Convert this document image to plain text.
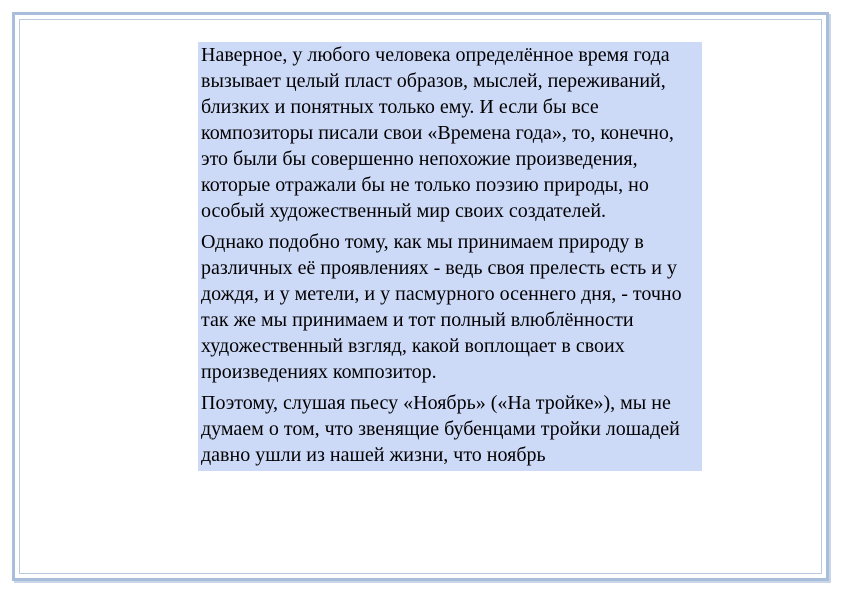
Наверное, у любого человека определённое время года вызывает целый пласт образов, мыслей, переживаний, близких и понятных только ему. И если бы все композиторы писали свои «Времена года», то, конечно, это были бы совершенно непохожие произведения, которые отражали бы не только поэзию природы, но особый художественный мир своих создателей.

Однако подобно тому, как мы принимаем природу в различных её проявлениях - ведь своя прелесть есть и у дождя, и у метели, и у пасмурного осеннего дня, - точно так же мы принимаем и тот полный влюблённости художественный взгляд, какой воплощает в своих произведениях композитор.

Поэтому, слушая пьесу «Ноябрь» («На тройке»), мы не думаем о том, что звенящие бубенцами тройки лошадей давно ушли из нашей жизни, что ноябрь
